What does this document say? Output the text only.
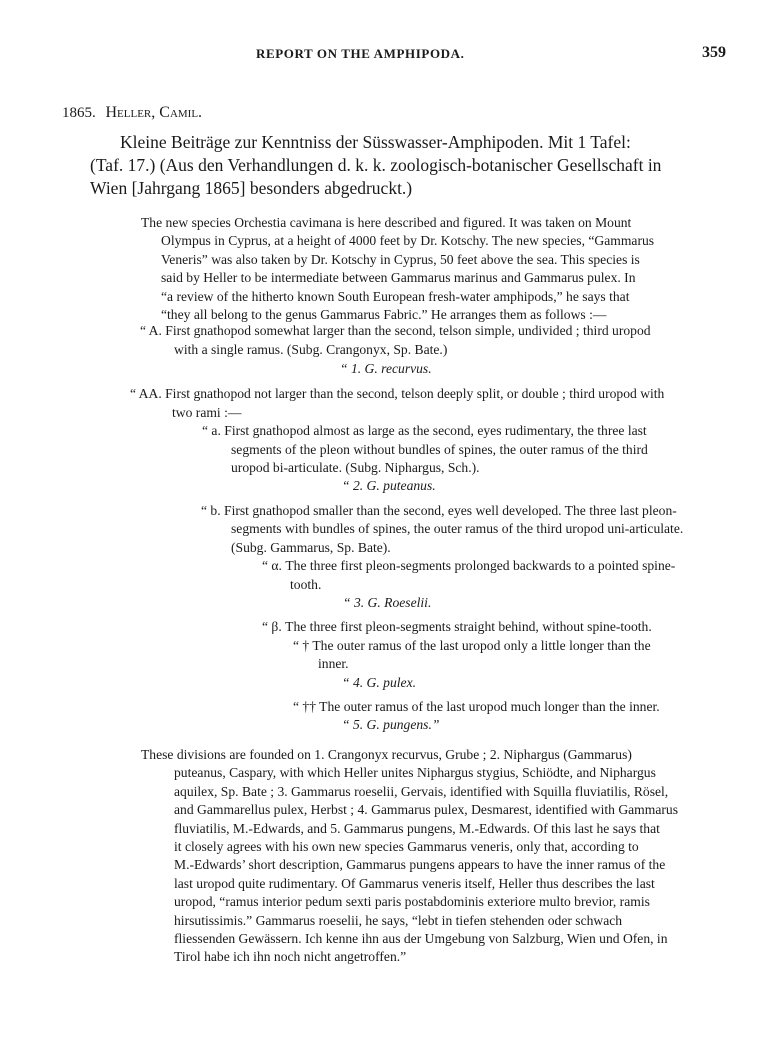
REPORT ON THE AMPHIPODA.	359
1865. Heller, Camil.
Kleine Beiträge zur Kenntniss der Süsswasser-Amphipoden. Mit 1 Tafel:
(Taf. 17.) (Aus den Verhandlungen d. k. k. zoologisch-botanischer Gesellschaft in
Wien [Jahrgang 1865] besonders abgedruckt.)
The new species Orchestia cavimana is here described and figured. It was taken on Mount
Olympus in Cyprus, at a height of 4000 feet by Dr. Kotschy. The new species, “Gammarus
Veneris” was also taken by Dr. Kotschy in Cyprus, 50 feet above the sea. This species is
said by Heller to be intermediate between Gammarus marinus and Gammarus pulex. In
“a review of the hitherto known South European fresh-water amphipods,” he says that
“they all belong to the genus Gammarus Fabric.” He arranges them as follows :—
“ A. First gnathopod somewhat larger than the second, telson simple, undivided ; third uropod
with a single ramus. (Subg. Crangonyx, Sp. Bate.)
“ 1. G. recurvus.
“ AA. First gnathopod not larger than the second, telson deeply split, or double ; third uropod with
two rami :—
“ a. First gnathopod almost as large as the second, eyes rudimentary, the three last
segments of the pleon without bundles of spines, the outer ramus of the third
uropod bi-articulate. (Subg. Niphargus, Sch.).
“ 2. G. puteanus.
“ b. First gnathopod smaller than the second, eyes well developed. The three last pleon-
segments with bundles of spines, the outer ramus of the third uropod uni-articulate.
(Subg. Gammarus, Sp. Bate).
“ α. The three first pleon-segments prolonged backwards to a pointed spine-
tooth.
“ 3. G. Roeselii.
“ β. The three first pleon-segments straight behind, without spine-tooth.
“ † The outer ramus of the last uropod only a little longer than the
inner.
“ 4. G. pulex.
“ †† The outer ramus of the last uropod much longer than the inner.
“ 5. G. pungens.”
These divisions are founded on 1. Crangonyx recurvus, Grube ; 2. Niphargus (Gammarus)
puteanus, Caspary, with which Heller unites Niphargus stygius, Schiödte, and Niphargus
aquilex, Sp. Bate ; 3. Gammarus roeselii, Gervais, identified with Squilla fluviatilis, Rösel,
and Gammarellus pulex, Herbst ; 4. Gammarus pulex, Desmarest, identified with Gammarus
fluviatilis, M.-Edwards, and 5. Gammarus pungens, M.-Edwards. Of this last he says that
it closely agrees with his own new species Gammarus veneris, only that, according to
M.-Edwards’ short description, Gammarus pungens appears to have the inner ramus of the
last uropod quite rudimentary. Of Gammarus veneris itself, Heller thus describes the last
uropod, “ramus interior pedum sexti paris postabdominis exteriore multo brevior, ramis
hirsutissimis.” Gammarus roeselii, he says, “lebt in tiefen stehenden oder schwach
fliessenden Gewässern. Ich kenne ihn aus der Umgebung von Salzburg, Wien und Ofen, in
Tirol habe ich ihn noch nicht angetroffen.”
